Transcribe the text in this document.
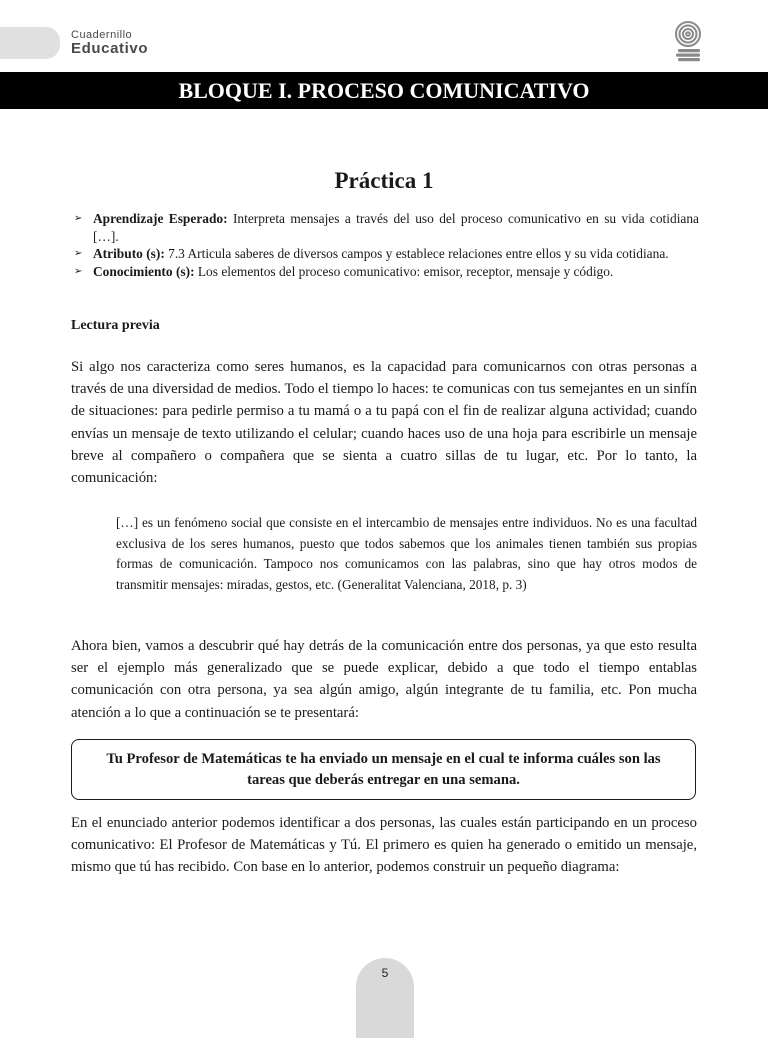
Cuadernillo
Educativo
BLOQUE I. PROCESO COMUNICATIVO
Práctica 1
➢ Aprendizaje Esperado: Interpreta mensajes a través del uso del proceso comunicativo en su vida cotidiana […].
➢ Atributo (s): 7.3 Articula saberes de diversos campos y establece relaciones entre ellos y su vida cotidiana.
➢ Conocimiento (s): Los elementos del proceso comunicativo: emisor, receptor, mensaje y código.
Lectura previa

Si algo nos caracteriza como seres humanos, es la capacidad para comunicarnos con otras personas a través de una diversidad de medios. Todo el tiempo lo haces: te comunicas con tus semejantes en un sinfín de situaciones: para pedirle permiso a tu mamá o a tu papá con el fin de realizar alguna actividad; cuando envías un mensaje de texto utilizando el celular; cuando haces uso de una hoja para escribirle un mensaje breve al compañero o compañera que se sienta a cuatro sillas de tu lugar, etc. Por lo tanto, la comunicación:

[…] es un fenómeno social que consiste en el intercambio de mensajes entre individuos. No es una facultad exclusiva de los seres humanos, puesto que todos sabemos que los animales tienen también sus propias formas de comunicación. Tampoco nos comunicamos con las palabras, sino que hay otros modos de transmitir mensajes: miradas, gestos, etc. (Generalitat Valenciana, 2018, p. 3)

Ahora bien, vamos a descubrir qué hay detrás de la comunicación entre dos personas, ya que esto resulta ser el ejemplo más generalizado que se puede explicar, debido a que todo el tiempo entablas comunicación con otra persona, ya sea algún amigo, algún integrante de tu familia, etc. Pon mucha atención a lo que a continuación se te presentará:

Tu Profesor de Matemáticas te ha enviado un mensaje en el cual te informa cuáles son las tareas que deberás entregar en una semana.

En el enunciado anterior podemos identificar a dos personas, las cuales están participando en un proceso comunicativo: El Profesor de Matemáticas y Tú. El primero es quien ha generado o emitido un mensaje, mismo que tú has recibido. Con base en lo anterior, podemos construir un pequeño diagrama:

5
